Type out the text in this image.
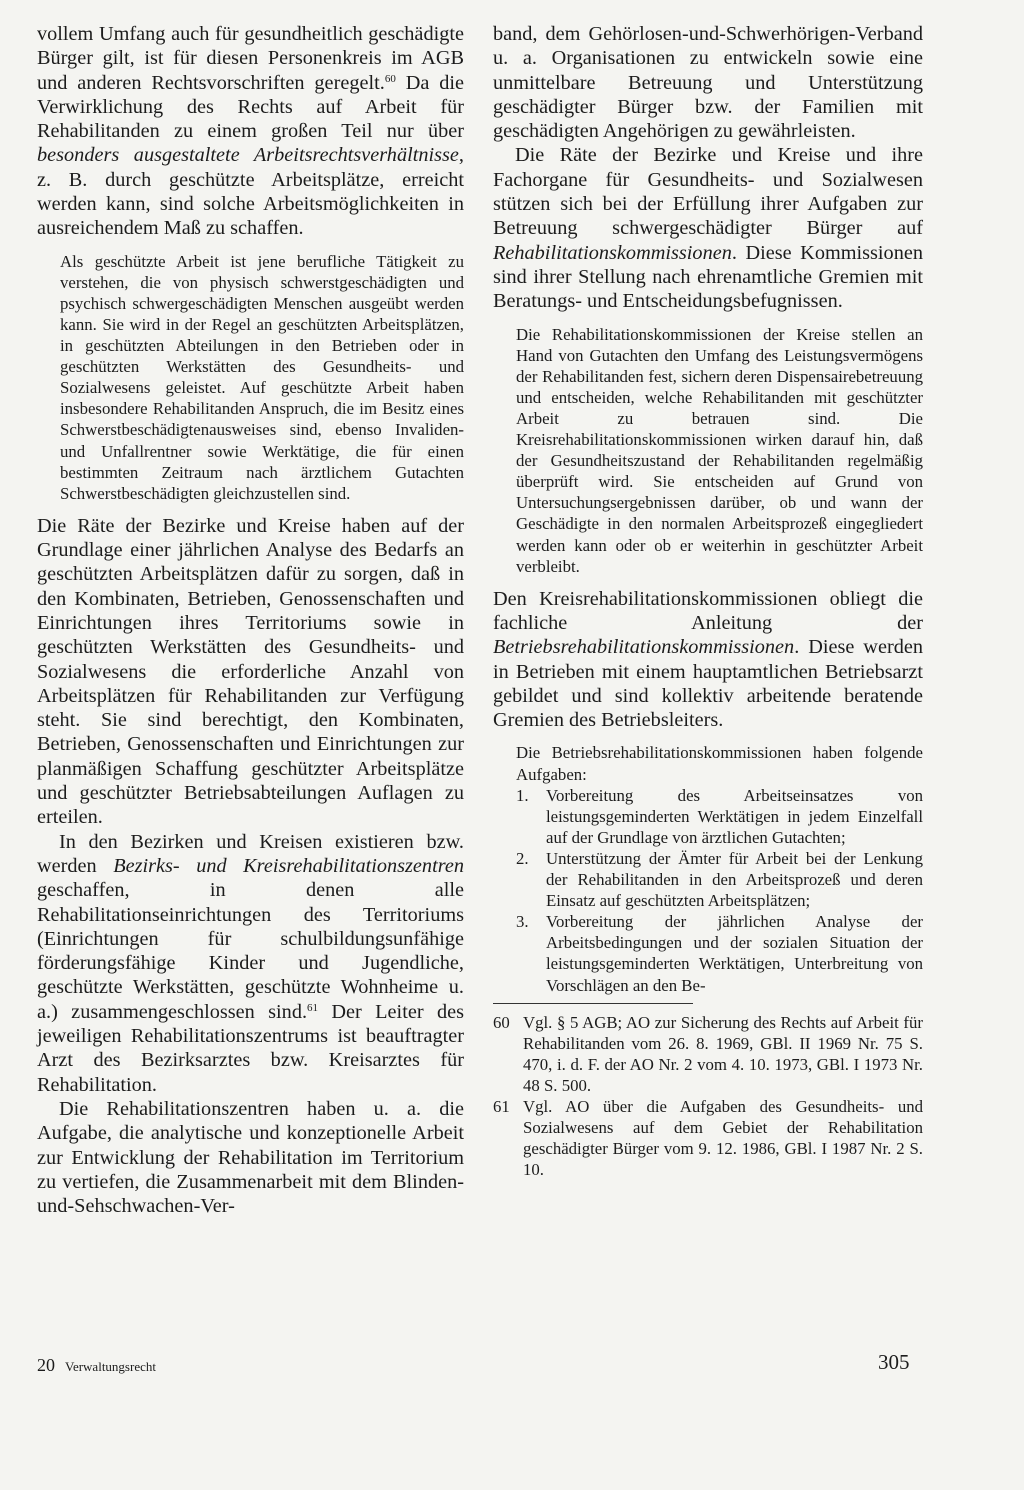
vollem Umfang auch für gesundheitlich geschädigte Bürger gilt, ist für diesen Personenkreis im AGB und anderen Rechtsvorschriften geregelt.$^{60}$ Da die Verwirklichung des Rechts auf Arbeit für Rehabilitanden zu einem großen Teil nur über besonders ausgestaltete Arbeitsrechtsverhältnisse, z. B. durch geschützte Arbeitsplätze, erreicht werden kann, sind solche Arbeitsmöglichkeiten in ausreichendem Maß zu schaffen.

Als geschützte Arbeit ist jene berufliche Tätigkeit zu verstehen, die von physisch schwerstgeschädigten und psychisch schwergeschädigten Menschen ausgeübt werden kann. Sie wird in der Regel an geschützten Arbeitsplätzen, in geschützten Abteilungen in den Betrieben oder in geschützten Werkstätten des Gesundheits- und Sozialwesens geleistet. Auf geschützte Arbeit haben insbesondere Rehabilitanden Anspruch, die im Besitz eines Schwerstbeschädigtenausweises sind, ebenso Invaliden- und Unfallrentner sowie Werktätige, die für einen bestimmten Zeitraum nach ärztlichem Gutachten Schwerstbeschädigten gleichzustellen sind.

Die Räte der Bezirke und Kreise haben auf der Grundlage einer jährlichen Analyse des Bedarfs an geschützten Arbeitsplätzen dafür zu sorgen, daß in den Kombinaten, Betrieben, Genossenschaften und Einrichtungen ihres Territoriums sowie in geschützten Werkstätten des Gesundheits- und Sozialwesens die erforderliche Anzahl von Arbeitsplätzen für Rehabilitanden zur Verfügung steht. Sie sind berechtigt, den Kombinaten, Betrieben, Genossenschaften und Einrichtungen zur planmäßigen Schaffung geschützter Arbeitsplätze und geschützter Betriebsabteilungen Auflagen zu erteilen.

In den Bezirken und Kreisen existieren bzw. werden Bezirks- und Kreisrehabilitationszentren geschaffen, in denen alle Rehabilitationseinrichtungen des Territoriums (Einrichtungen für schulbildungsunfähige förderungsfähige Kinder und Jugendliche, geschützte Werkstätten, geschützte Wohnheime u. a.) zusammengeschlossen sind.$^{61}$ Der Leiter des jeweiligen Rehabilitationszentrums ist beauftragter Arzt des Bezirksarztes bzw. Kreisarztes für Rehabilitation.

Die Rehabilitationszentren haben u. a. die Aufgabe, die analytische und konzeptionelle Arbeit zur Entwicklung der Rehabilitation im Territorium zu vertiefen, die Zusammenarbeit mit dem Blinden-und-Sehschwachen-Ver-

band, dem Gehörlosen-und-Schwerhörigen-Verband u. a. Organisationen zu entwickeln sowie eine unmittelbare Betreuung und Unterstützung geschädigter Bürger bzw. der Familien mit geschädigten Angehörigen zu gewährleisten.

Die Räte der Bezirke und Kreise und ihre Fachorgane für Gesundheits- und Sozialwesen stützen sich bei der Erfüllung ihrer Aufgaben zur Betreuung schwergeschädigter Bürger auf Rehabilitationskommissionen. Diese Kommissionen sind ihrer Stellung nach ehrenamtliche Gremien mit Beratungs- und Entscheidungsbefugnissen.

Die Rehabilitationskommissionen der Kreise stellen an Hand von Gutachten den Umfang des Leistungsvermögens der Rehabilitanden fest, sichern deren Dispensairebetreuung und entscheiden, welche Rehabilitanden mit geschützter Arbeit zu betrauen sind. Die Kreisrehabilitationskommissionen wirken darauf hin, daß der Gesundheitszustand der Rehabilitanden regelmäßig überprüft wird. Sie entscheiden auf Grund von Untersuchungsergebnissen darüber, ob und wann der Geschädigte in den normalen Arbeitsprozeß eingegliedert werden kann oder ob er weiterhin in geschützter Arbeit verbleibt.

Den Kreisrehabilitationskommissionen obliegt die fachliche Anleitung der Betriebsrehabilitationskommissionen. Diese werden in Betrieben mit einem hauptamtlichen Betriebsarzt gebildet und sind kollektiv arbeitende beratende Gremien des Betriebsleiters.

Die Betriebsrehabilitationskommissionen haben folgende Aufgaben:

1. Vorbereitung des Arbeitseinsatzes von leistungsgeminderten Werktätigen in jedem Einzelfall auf der Grundlage von ärztlichen Gutachten;
2. Unterstützung der Ämter für Arbeit bei der Lenkung der Rehabilitanden in den Arbeitsprozeß und deren Einsatz auf geschützten Arbeitsplätzen;
3. Vorbereitung der jährlichen Analyse der Arbeitsbedingungen und der sozialen Situation der leistungsgeminderten Werktätigen, Unterbreitung von Vorschlägen an den Be-
60 Vgl. § 5 AGB; AO zur Sicherung des Rechts auf Arbeit für Rehabilitanden vom 26. 8. 1969, GBl. II 1969 Nr. 75 S. 470, i. d. F. der AO Nr. 2 vom 4. 10. 1973, GBl. I 1973 Nr. 48 S. 500.
61 Vgl. AO über die Aufgaben des Gesundheits- und Sozialwesens auf dem Gebiet der Rehabilitation geschädigter Bürger vom 9. 12. 1986, GBl. I 1987 Nr. 2 S. 10.
20 Verwaltungsrecht	305
